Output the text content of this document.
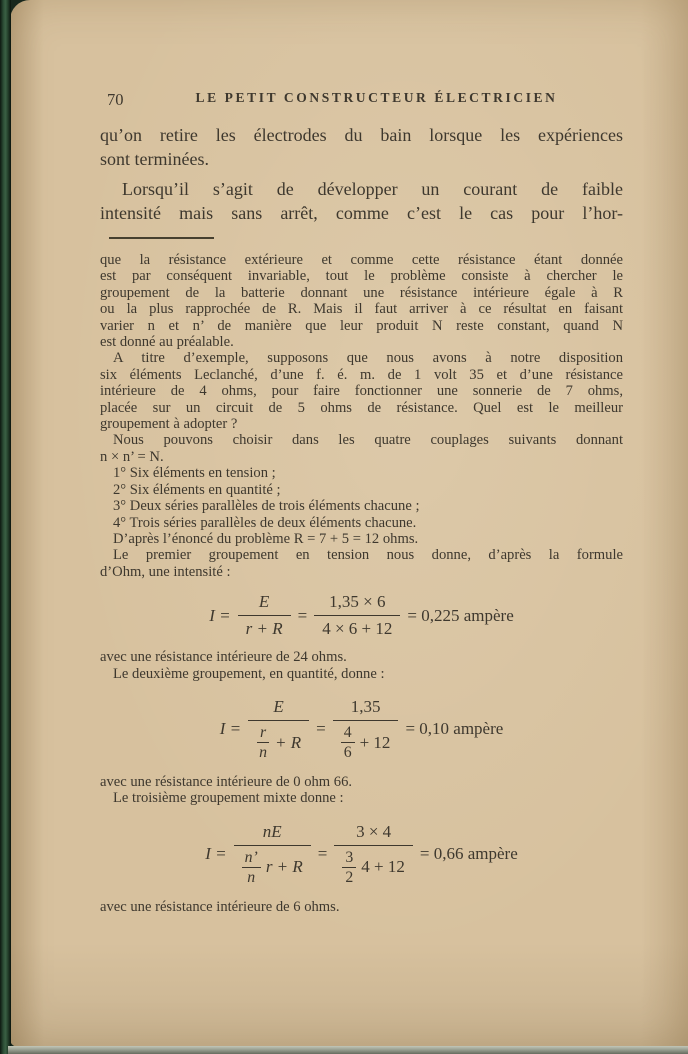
70	LE PETIT CONSTRUCTEUR ÉLECTRICIEN
qu’on retire les électrodes du bain lorsque les expériences
sont terminées.
Lorsqu’il s’agit de développer un courant de faible
intensité mais sans arrêt, comme c’est le cas pour l’hor-
que la résistance extérieure et comme cette résistance étant donnée
est par conséquent invariable, tout le problème consiste à chercher le
groupement de la batterie donnant une résistance intérieure égale à R
ou la plus rapprochée de R. Mais il faut arriver à ce résultat en faisant
varier n et n’ de manière que leur produit N reste constant, quand N
est donné au préalable.
A titre d’exemple, supposons que nous avons à notre disposition
six éléments Leclanché, d’une f. é. m. de 1 volt 35 et d’une résistance
intérieure de 4 ohms, pour faire fonctionner une sonnerie de 7 ohms,
placée sur un circuit de 5 ohms de résistance. Quel est le meilleur
groupement à adopter ?
Nous pouvons choisir dans les quatre couplages suivants donnant
n × n’ = N.
1° Six éléments en tension ;
2° Six éléments en quantité ;
3° Deux séries parallèles de trois éléments chacune ;
4° Trois séries parallèles de deux éléments chacune.
D’après l’énoncé du problème R = 7 + 5 = 12 ohms.
Le premier groupement en tension nous donne, d’après la formule
d’Ohm, une intensité :
$I = \frac{E}{r + R} = \frac{1,35 \times 6}{4 \times 6 + 12} = 0,225$ ampère
avec une résistance intérieure de 24 ohms.
Le deuxième groupement, en quantité, donne :
I = E
r
n
+ R = 1,35
4
6
+ 12 = 0,10 ampère
avec une résistance intérieure de 0 ohm 66.
Le troisième groupement mixte donne :
I = nE
n’
n
r + R = 3 × 4
3
2
4 + 12 = 0,66 ampère
avec une résistance intérieure de 6 ohms.
